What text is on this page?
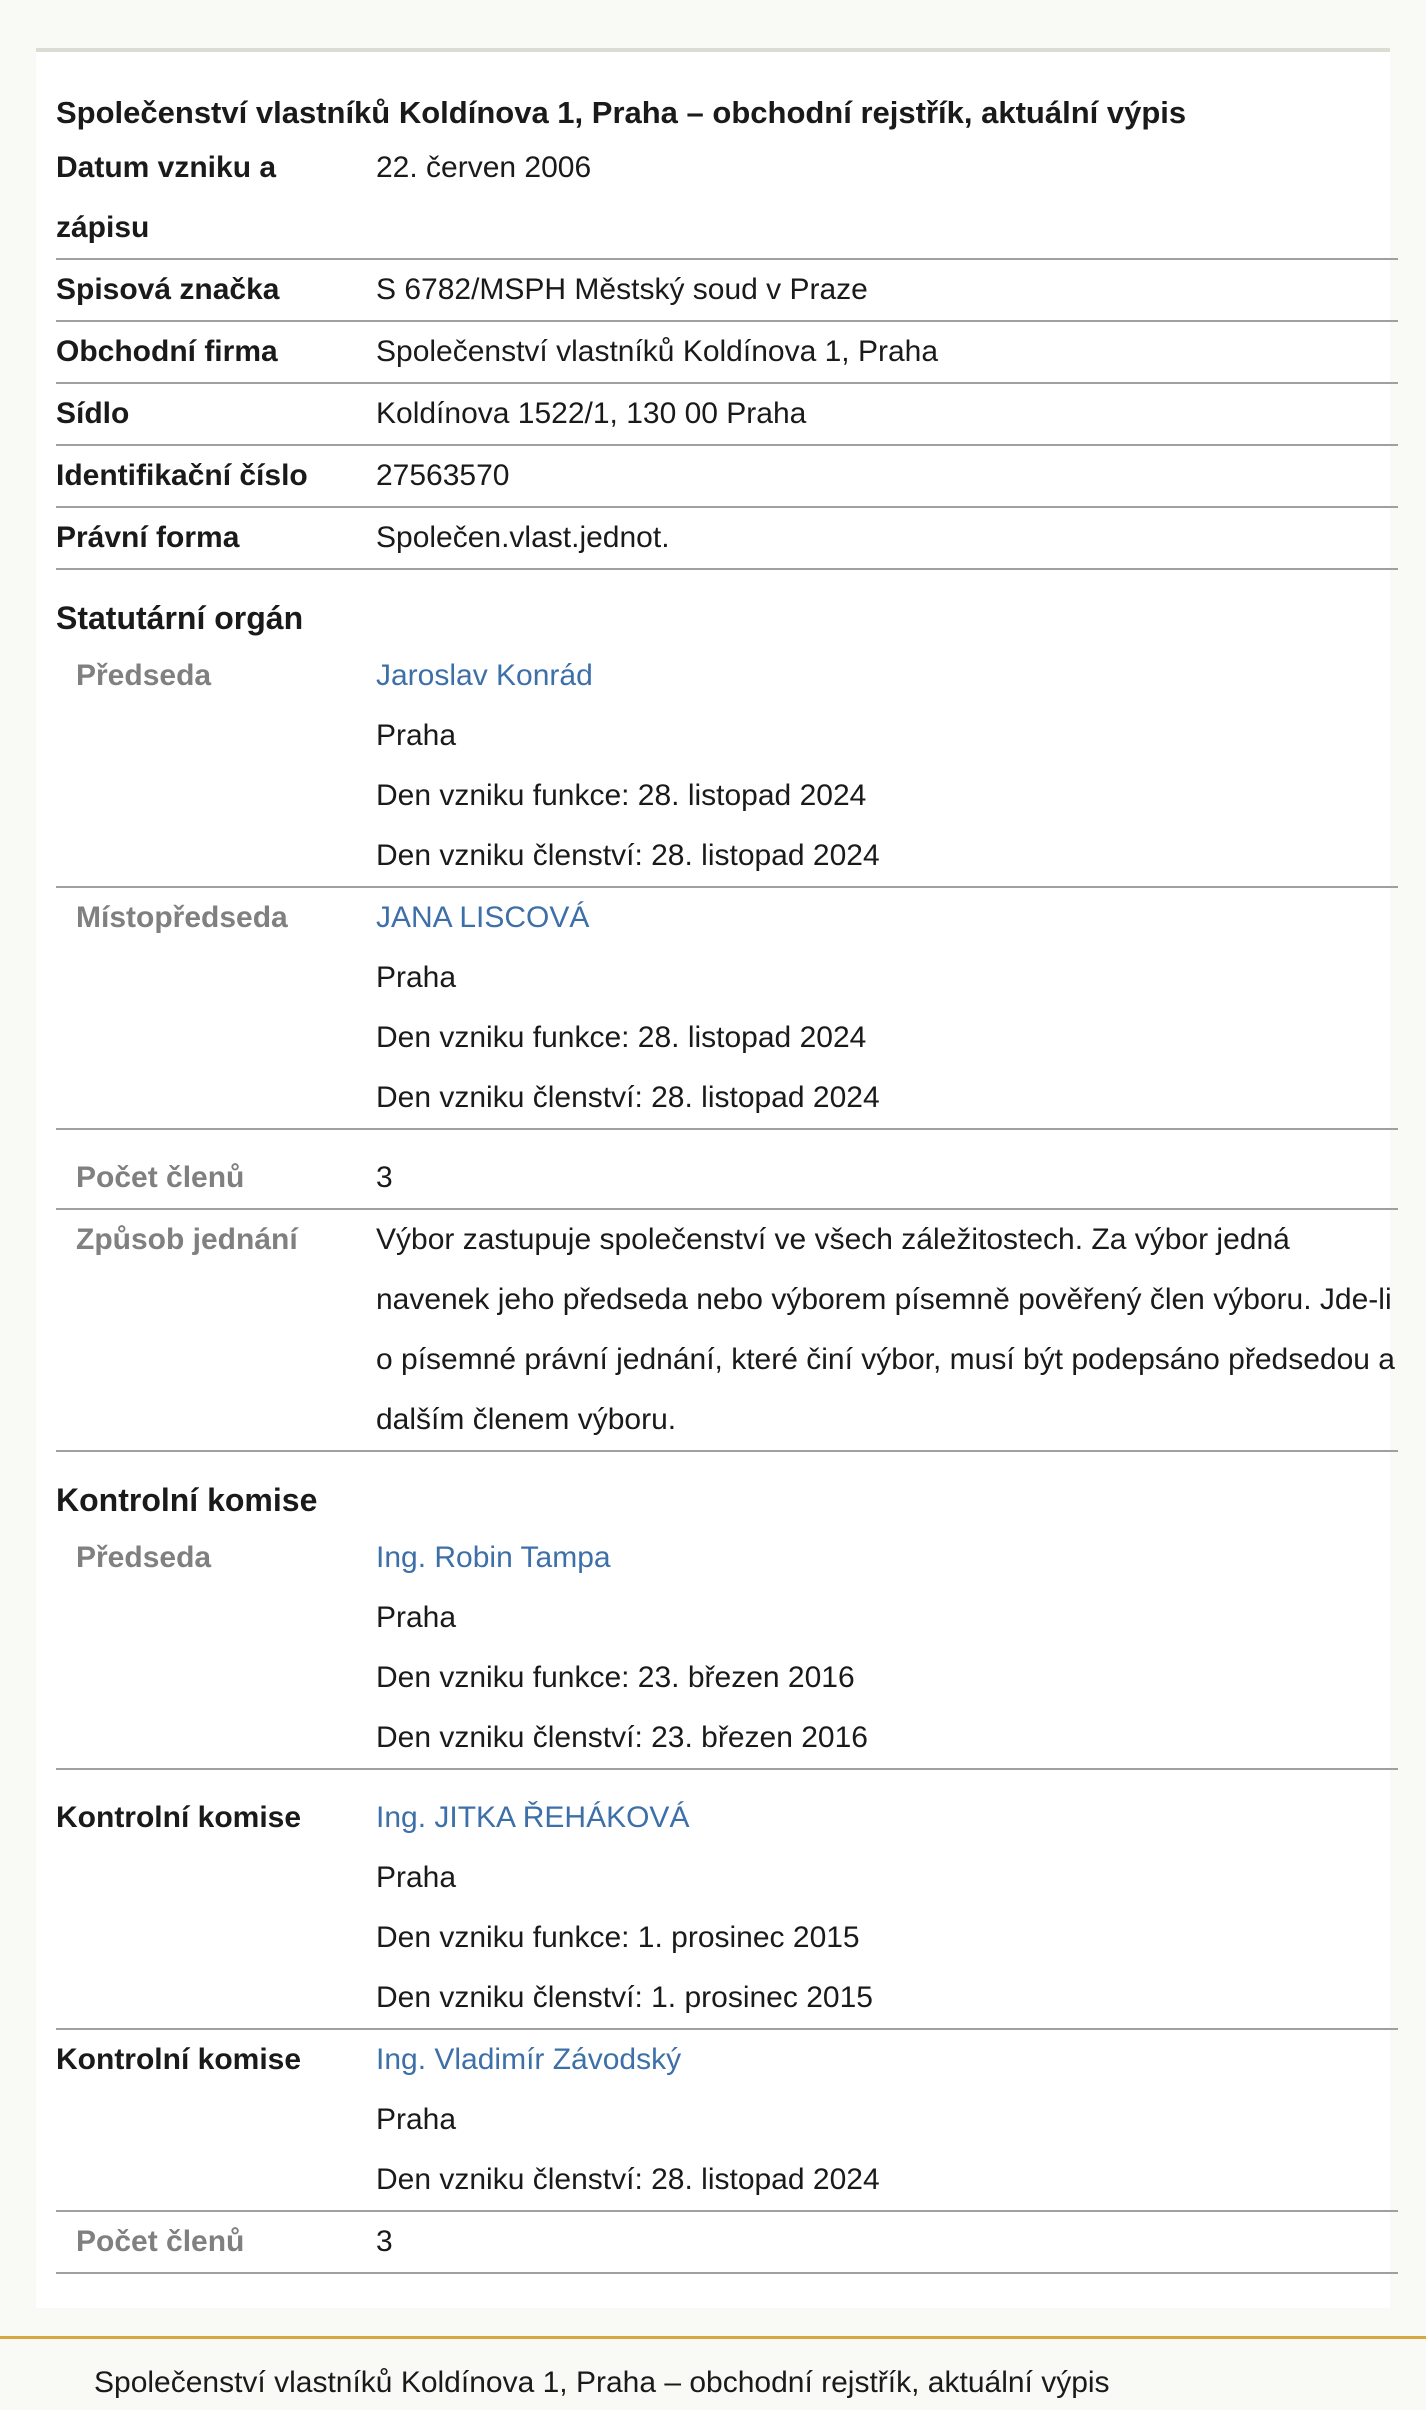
Společenství vlastníků Koldínova 1, Praha – obchodní rejstřík, aktuální výpis
Datum vzniku a zápisu	22. červen 2006
Spisová značka	S 6782/MSPH Městský soud v Praze
Obchodní firma	Společenství vlastníků Koldínova 1, Praha
Sídlo	Koldínova 1522/1, 130 00 Praha
Identifikační číslo	27563570
Právní forma	Společen.vlast.jednot.
Statutární orgán	
Předseda	Jaroslav Konrád
Praha
Den vzniku funkce: 28. listopad 2024
Den vzniku členství: 28. listopad 2024

Místopředseda	JANA LISCOVÁ
Praha
Den vzniku funkce: 28. listopad 2024
Den vzniku členství: 28. listopad 2024

Počet členů	3
Způsob jednání	Výbor zastupuje společenství ve všech záležitostech. Za výbor jedná navenek jeho předseda nebo výborem písemně pověřený člen výboru. Jde-li o písemné právní jednání, které činí výbor, musí být podepsáno předsedou a dalším členem výboru.
Kontrolní komise	
Předseda	Ing. Robin Tampa
Praha
Den vzniku funkce: 23. březen 2016
Den vzniku členství: 23. březen 2016

Kontrolní komise	Ing. JITKA ŘEHÁKOVÁ
Praha
Den vzniku funkce: 1. prosinec 2015
Den vzniku členství: 1. prosinec 2015

Kontrolní komise	Ing. Vladimír Závodský
Praha
Den vzniku členství: 28. listopad 2024

Počet členů	3
Společenství vlastníků Koldínova 1, Praha – obchodní rejstřík, aktuální výpis
